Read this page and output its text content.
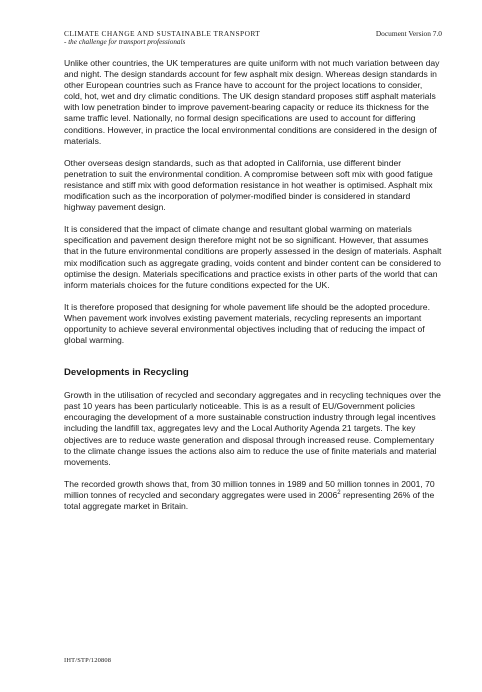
CLIMATE CHANGE AND SUSTAINABLE TRANSPORT	Document Version 7.0
- the challenge for transport professionals

Unlike other countries, the UK temperatures are quite uniform with not much variation between day and night. The design standards account for few asphalt mix design. Whereas design standards in other European countries such as France have to account for the project locations to consider, cold, hot, wet and dry climatic conditions. The UK design standard proposes stiff asphalt materials with low penetration binder to improve pavement-bearing capacity or reduce its thickness for the same traffic level. Nationally, no formal design specifications are used to account for differing conditions. However, in practice the local environmental conditions are considered in the design of materials.

Other overseas design standards, such as that adopted in California, use different binder penetration to suit the environmental condition. A compromise between soft mix with good fatigue resistance and stiff mix with good deformation resistance in hot weather is optimised. Asphalt mix modification such as the incorporation of polymer-modified binder is considered in standard highway pavement design.

It is considered that the impact of climate change and resultant global warming on materials specification and pavement design therefore might not be so significant. However, that assumes that in the future environmental conditions are properly assessed in the design of materials. Asphalt mix modification such as aggregate grading, voids content and binder content can be considered to optimise the design. Materials specifications and practice exists in other parts of the world that can inform materials choices for the future conditions expected for the UK.

It is therefore proposed that designing for whole pavement life should be the adopted procedure. When pavement work involves existing pavement materials, recycling represents an important opportunity to achieve several environmental objectives including that of reducing the impact of global warming.

Developments in Recycling

Growth in the utilisation of recycled and secondary aggregates and in recycling techniques over the past 10 years has been particularly noticeable. This is as a result of EU/Government policies encouraging the development of a more sustainable construction industry through legal incentives including the landfill tax, aggregates levy and the Local Authority Agenda 21 targets. The key objectives are to reduce waste generation and disposal through increased reuse. Complementary to the climate change issues the actions also aim to reduce the use of finite materials and material movements.

The recorded growth shows that, from 30 million tonnes in 1989 and 50 million tonnes in 2001, 70 million tonnes of recycled and secondary aggregates were used in 2006$^2$ representing 26% of the total aggregate market in Britain.

IHT/STP/120808
